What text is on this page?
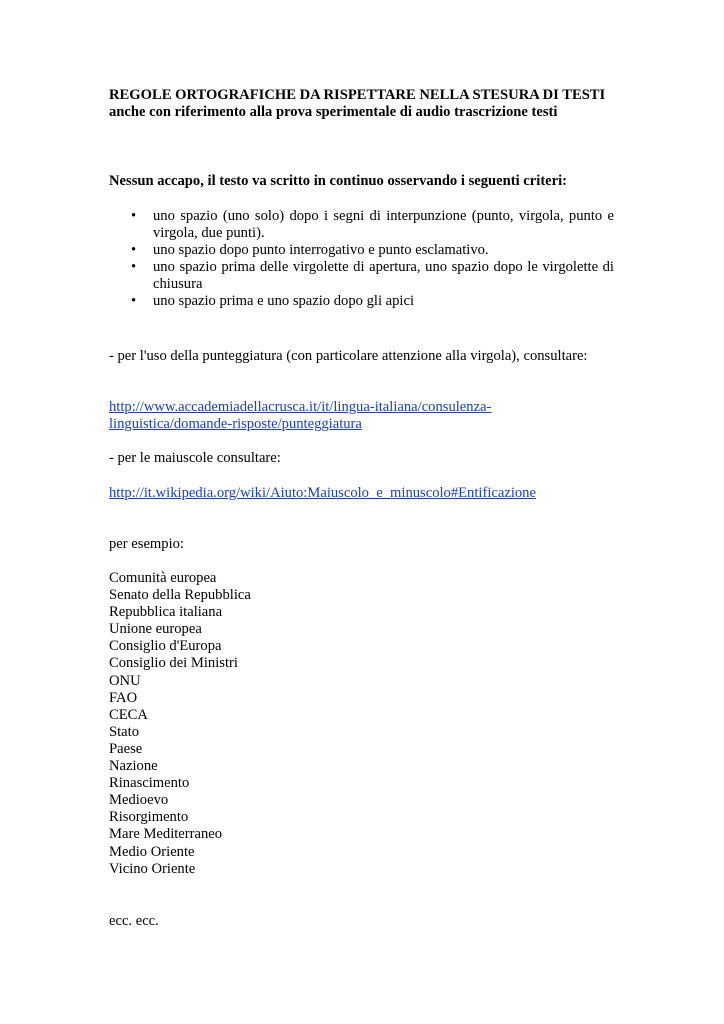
REGOLE ORTOGRAFICHE DA RISPETTARE NELLA STESURA DI TESTI
anche con riferimento alla prova sperimentale di audio trascrizione testi
Nessun accapo, il testo va scritto in continuo osservando i seguenti criteri:
• uno spazio (uno solo) dopo i segni di interpunzione (punto, virgola, punto e virgola, due punti).
• uno spazio dopo punto interrogativo e punto esclamativo.
• uno spazio prima delle virgolette di apertura, uno spazio dopo le virgolette di chiusura
• uno spazio prima e uno spazio dopo gli apici
- per l'uso della punteggiatura (con particolare attenzione alla virgola), consultare:
http://www.accademiadellacrusca.it/it/lingua-italiana/consulenza-
linguistica/domande-risposte/punteggiatura
- per le maiuscole consultare:
http://it.wikipedia.org/wiki/Aiuto:Maiuscolo_e_minuscolo#Entificazione
per esempio:
Comunità europea
Senato della Repubblica
Repubblica italiana
Unione europea
Consiglio d'Europa
Consiglio dei Ministri
ONU
FAO
CECA
Stato
Paese
Nazione
Rinascimento
Medioevo
Risorgimento
Mare Mediterraneo
Medio Oriente
Vicino Oriente
ecc. ecc.
